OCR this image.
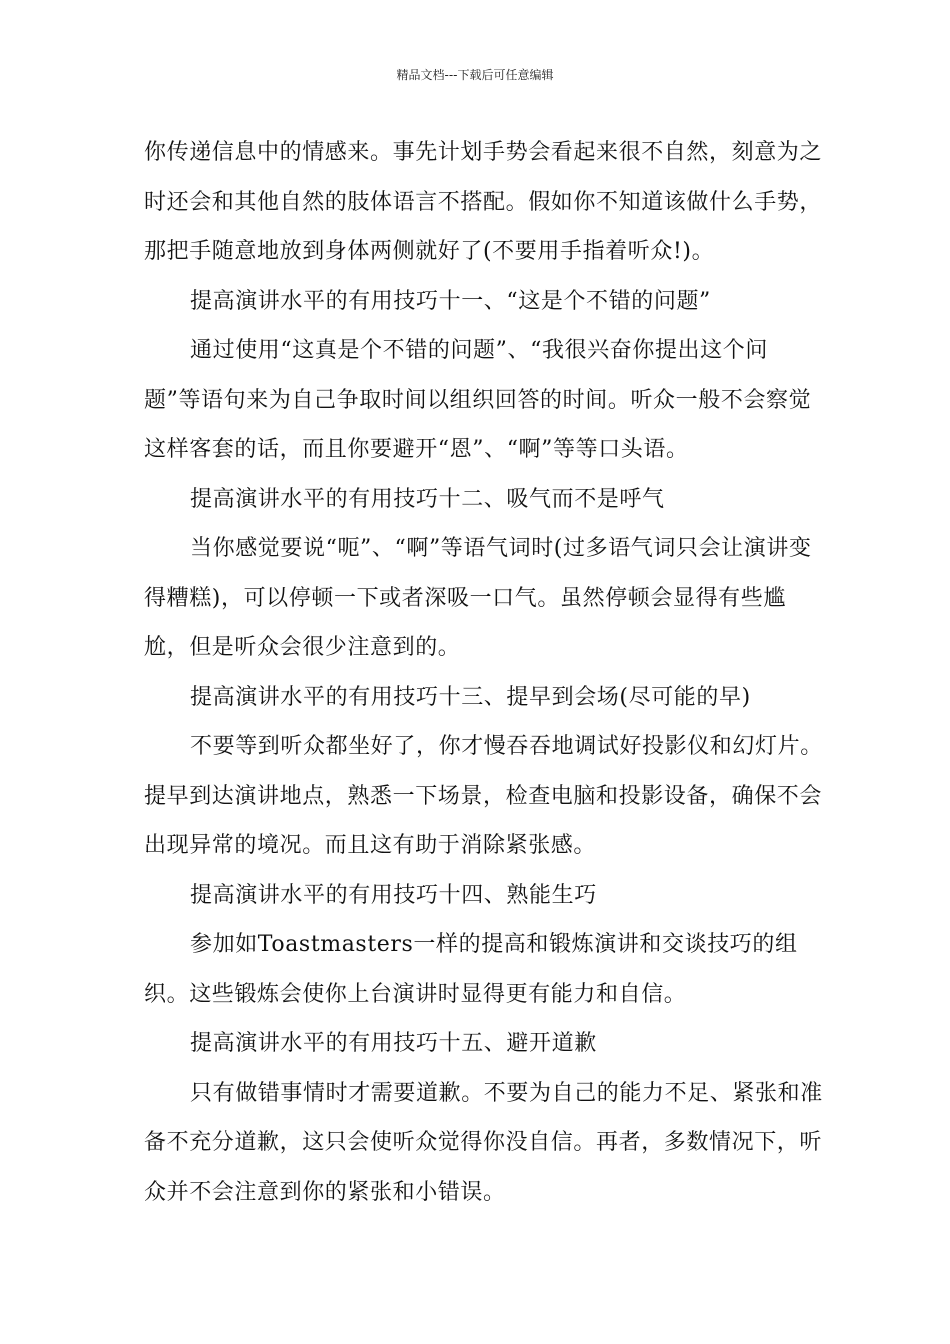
精品文档---下载后可任意编辑

你传递信息中的情感来。事先计划手势会看起来很不自然，刻意为之时还会和其他自然的肢体语言不搭配。假如你不知道该做什么手势，那把手随意地放到身体两侧就好了(不要用手指着听众!)。

提高演讲水平的有用技巧十一、“这是个不错的问题”

通过使用“这真是个不错的问题”、“我很兴奋你提出这个问题”等语句来为自己争取时间以组织回答的时间。听众一般不会察觉这样客套的话，而且你要避开“恩”、“啊”等等口头语。

提高演讲水平的有用技巧十二、吸气而不是呼气

当你感觉要说“呃”、“啊”等语气词时(过多语气词只会让演讲变得糟糕)，可以停顿一下或者深吸一口气。虽然停顿会显得有些尴尬，但是听众会很少注意到的。

提高演讲水平的有用技巧十三、提早到会场(尽可能的早)

不要等到听众都坐好了，你才慢吞吞地调试好投影仪和幻灯片。提早到达演讲地点，熟悉一下场景，检查电脑和投影设备，确保不会出现异常的境况。而且这有助于消除紧张感。

提高演讲水平的有用技巧十四、熟能生巧

参加如Toastmasters一样的提高和锻炼演讲和交谈技巧的组织。这些锻炼会使你上台演讲时显得更有能力和自信。

提高演讲水平的有用技巧十五、避开道歉

只有做错事情时才需要道歉。不要为自己的能力不足、紧张和准备不充分道歉，这只会使听众觉得你没自信。再者，多数情况下，听众并不会注意到你的紧张和小错误。
